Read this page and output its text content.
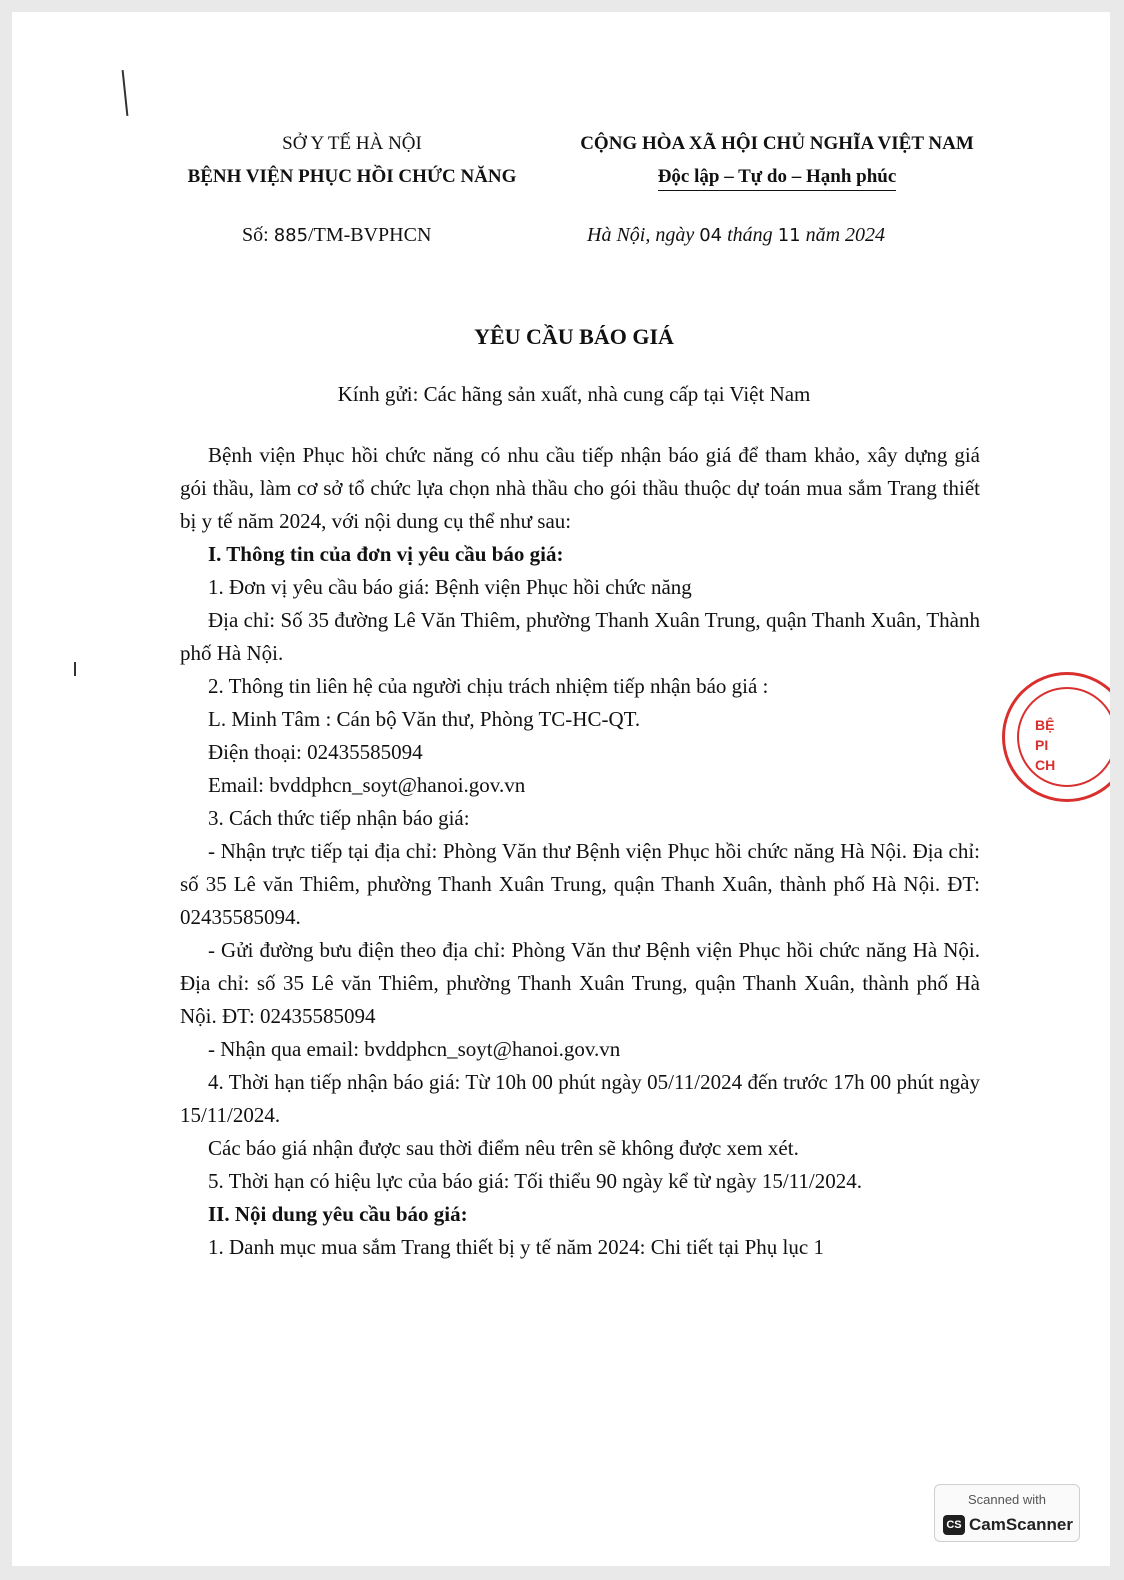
SỞ Y TẾ HÀ NỘI
BỆNH VIỆN PHỤC HỒI CHỨC NĂNG
CỘNG HÒA XÃ HỘI CHỦ NGHĨA VIỆT NAM
Độc lập – Tự do – Hạnh phúc
Số: 885/TM-BVPHCN	Hà Nội, ngày 04 tháng 11 năm 2024
YÊU CẦU BÁO GIÁ
Kính gửi: Các hãng sản xuất, nhà cung cấp tại Việt Nam

Bệnh viện Phục hồi chức năng có nhu cầu tiếp nhận báo giá để tham khảo, xây dựng giá gói thầu, làm cơ sở tổ chức lựa chọn nhà thầu cho gói thầu thuộc dự toán mua sắm Trang thiết bị y tế năm 2024, với nội dung cụ thể như sau:

I. Thông tin của đơn vị yêu cầu báo giá:

1. Đơn vị yêu cầu báo giá: Bệnh viện Phục hồi chức năng

Địa chỉ: Số 35 đường Lê Văn Thiêm, phường Thanh Xuân Trung, quận Thanh Xuân, Thành phố Hà Nội.

2. Thông tin liên hệ của người chịu trách nhiệm tiếp nhận báo giá :

L. Minh Tâm : Cán bộ Văn thư, Phòng TC-HC-QT.

Điện thoại: 02435585094

Email: bvddphcn_soyt@hanoi.gov.vn

3. Cách thức tiếp nhận báo giá:

- Nhận trực tiếp tại địa chỉ: Phòng Văn thư Bệnh viện Phục hồi chức năng Hà Nội. Địa chỉ: số 35 Lê văn Thiêm, phường Thanh Xuân Trung, quận Thanh Xuân, thành phố Hà Nội. ĐT: 02435585094.

- Gửi đường bưu điện theo địa chỉ: Phòng Văn thư Bệnh viện Phục hồi chức năng Hà Nội. Địa chỉ: số 35 Lê văn Thiêm, phường Thanh Xuân Trung, quận Thanh Xuân, thành phố Hà Nội. ĐT: 02435585094

- Nhận qua email: bvddphcn_soyt@hanoi.gov.vn

4. Thời hạn tiếp nhận báo giá: Từ 10h 00 phút ngày 05/11/2024 đến trước 17h 00 phút ngày 15/11/2024.

Các báo giá nhận được sau thời điểm nêu trên sẽ không được xem xét.

5. Thời hạn có hiệu lực của báo giá: Tối thiểu 90 ngày kể từ ngày 15/11/2024.

II. Nội dung yêu cầu báo giá:

1. Danh mục mua sắm Trang thiết bị y tế năm 2024: Chi tiết tại Phụ lục 1

BỆ
PI
CH
Scanned with
CS CamScanner
